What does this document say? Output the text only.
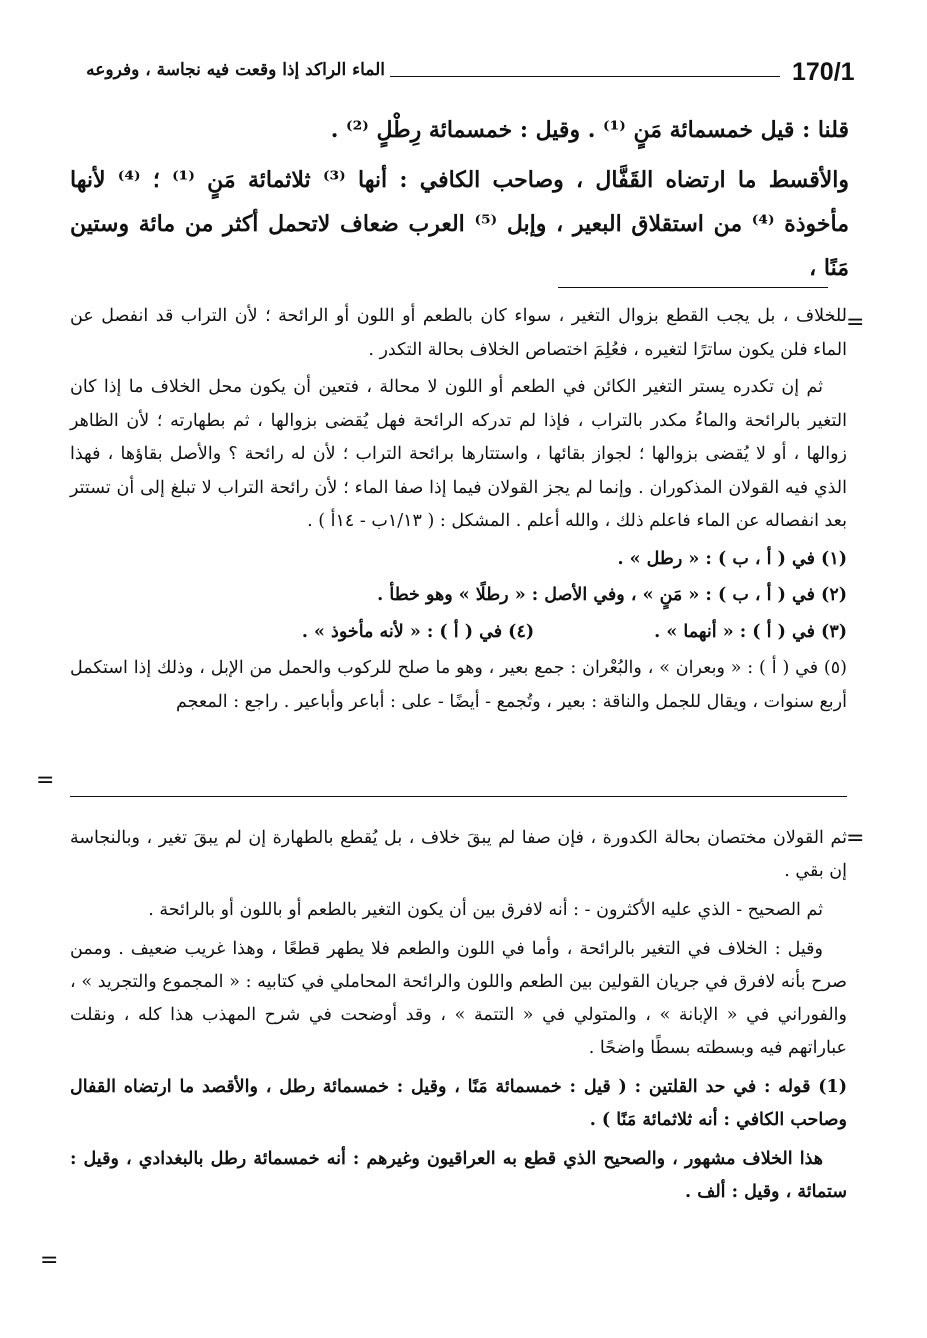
170/1
الماء الراكد إذا وقعت فيه نجاسة ، وفروعه

قلنا : قيل خمسمائة مَنٍ ⁽¹⁾ . وقيل : خمسمائة رِطْلٍ ⁽²⁾ .

والأقسط ما ارتضاه القَفَّال ، وصاحب الكافي : أنها ⁽³⁾ ثلاثمائة مَنٍ ⁽¹⁾ ؛ ⁽⁴⁾ لأنها مأخوذة ⁽⁴⁾ من استقلاق البعير ، وإبل ⁽⁵⁾ العرب ضعاف لاتحمل أكثر من مائة وستين مَنًا ،

=

للخلاف ، بل يجب القطع بزوال التغير ، سواء كان بالطعم أو اللون أو الرائحة ؛ لأن التراب قد انفصل عن الماء فلن يكون ساترًا لتغيره ، فعُلِمَ اختصاص الخلاف بحالة التكدر .

ثم إن تكدره يستر التغير الكائن في الطعم أو اللون لا محالة ، فتعين أن يكون محل الخلاف ما إذا كان التغير بالرائحة والماءُ مكدر بالتراب ، فإذا لم تدركه الرائحة فهل يُقضى بزوالها ، ثم بطهارته ؛ لأن الظاهر زوالها ، أو لا يُقضى بزوالها ؛ لجواز بقائها ، واستتارها برائحة التراب ؛ لأن له رائحة ؟ والأصل بقاؤها ، فهذا الذي فيه القولان المذكوران . وإنما لم يجز القولان فيما إذا صفا الماء ؛ لأن رائحة التراب لا تبلغ إلى أن تستتر بعد انفصاله عن الماء فاعلم ذلك ، والله أعلم . المشكل : ( ١/١٣ب - ١٤أ ) .

(١) في ( أ ، ب ) : « رطل » .

(٢) في ( أ ، ب ) : « مَنٍ » ، وفي الأصل : « رطلًا » وهو خطأ .

(٣) في ( أ ) : « أنهما » .
(٤) في ( أ ) : « لأنه مأخوذ » .

(٥) في ( أ ) : « وبعران » ، والبُعْران : جمع بعير ، وهو ما صلح للركوب والحمل من الإبل ، وذلك إذا استكمل أربع سنوات ، ويقال للجمل والناقة : بعير ، وتُجمع - أيضًا - على : أباعر وأباعير . راجع : المعجم

=
=

ثم القولان مختصان بحالة الكدورة ، فإن صفا لم يبقَ خلاف ، بل يُقطع بالطهارة إن لم يبقَ تغير ، وبالنجاسة إن بقي .

ثم الصحيح - الذي عليه الأكثرون - : أنه لافرق بين أن يكون التغير بالطعم أو باللون أو بالرائحة .

وقيل : الخلاف في التغير بالرائحة ، وأما في اللون والطعم فلا يطهر قطعًا ، وهذا غريب ضعيف . وممن صرح بأنه لافرق في جريان القولين بين الطعم واللون والرائحة المحاملي في كتابيه : « المجموع والتجريد » ، والفوراني في « الإبانة » ، والمتولي في « التتمة » ، وقد أوضحت في شرح المهذب هذا كله ، ونقلت عباراتهم فيه وبسطته بسطًا واضحًا .

(1) قوله : في حد القلتين : ( قيل : خمسمائة مَنًا ، وقيل : خمسمائة رطل ، والأقصد ما ارتضاه القفال وصاحب الكافي : أنه ثلاثمائة مَنًا ) .

هذا الخلاف مشهور ، والصحيح الذي قطع به العراقيون وغيرهم : أنه خمسمائة رطل بالبغدادي ، وقيل : ستمائة ، وقيل : ألف .

=
